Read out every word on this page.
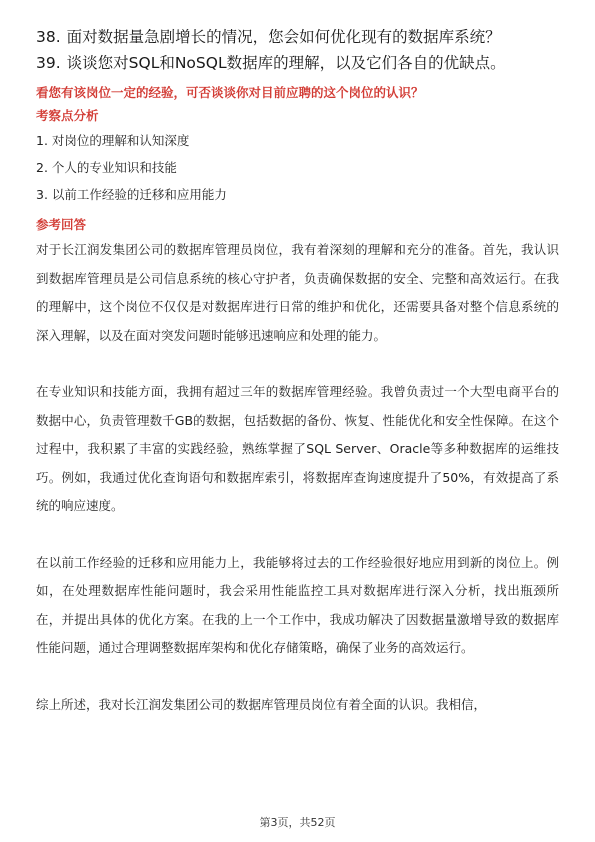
38. 面对数据量急剧增长的情况，您会如何优化现有的数据库系统？
39. 谈谈您对SQL和NoSQL数据库的理解，以及它们各自的优缺点。
看您有该岗位一定的经验，可否谈谈你对目前应聘的这个岗位的认识？
考察点分析
1. 对岗位的理解和认知深度
2. 个人的专业知识和技能
3. 以前工作经验的迁移和应用能力
参考回答

对于长江润发集团公司的数据库管理员岗位，我有着深刻的理解和充分的准备。首先，我认识到数据库管理员是公司信息系统的核心守护者，负责确保数据的安全、完整和高效运行。在我的理解中，这个岗位不仅仅是对数据库进行日常的维护和优化，还需要具备对整个信息系统的深入理解，以及在面对突发问题时能够迅速响应和处理的能力。

在专业知识和技能方面，我拥有超过三年的数据库管理经验。我曾负责过一个大型电商平台的数据中心，负责管理数千GB的数据，包括数据的备份、恢复、性能优化和安全性保障。在这个过程中，我积累了丰富的实践经验，熟练掌握了SQL Server、Oracle等多种数据库的运维技巧。例如，我通过优化查询语句和数据库索引，将数据库查询速度提升了50%，有效提高了系统的响应速度。

在以前工作经验的迁移和应用能力上，我能够将过去的工作经验很好地应用到新的岗位上。例如，在处理数据库性能问题时，我会采用性能监控工具对数据库进行深入分析，找出瓶颈所在，并提出具体的优化方案。在我的上一个工作中，我成功解决了因数据量激增导致的数据库性能问题，通过合理调整数据库架构和优化存储策略，确保了业务的高效运行。

综上所述，我对长江润发集团公司的数据库管理员岗位有着全面的认识。我相信，

第3页，共52页
